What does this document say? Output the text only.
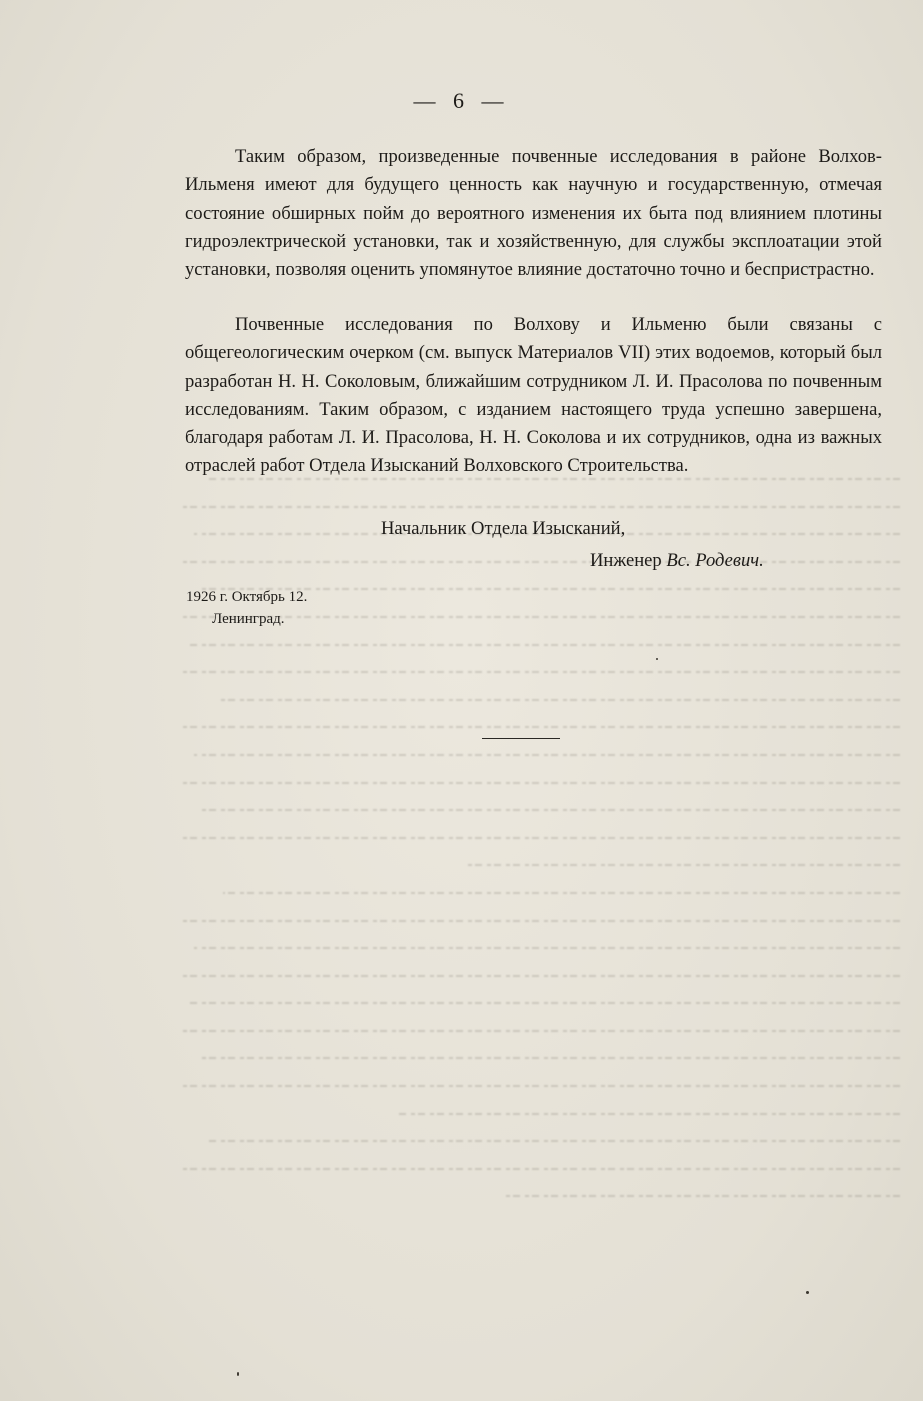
— 6 —

Таким образом, произведенные почвенные исследования в районе Волхов-Ильменя имеют для будущего ценность как научную и государственную, отмечая состояние обширных пойм до вероятного изменения их быта под влиянием плотины гидроэлектрической установки, так и хозяйственную, для службы эксплоатации этой установки, позволяя оценить упомянутое влияние достаточно точно и беспристрастно.

Почвенные исследования по Волхову и Ильменю были связаны с общегеологическим очерком (см. выпуск Материалов VII) этих водоемов, который был разработан Н. Н. Соколовым, ближайшим сотрудником Л. И. Прасолова по почвенным исследованиям. Таким образом, с изданием настоящего труда успешно завершена, благодаря работам Л. И. Прасолова, Н. Н. Соколова и их сотрудников, одна из важных отраслей работ Отдела Изысканий Волховского Строительства.

Начальник Отдела Изысканий,
Инженер Вс. Родевич.
1926 г. Октябрь 12.
Ленинград.
